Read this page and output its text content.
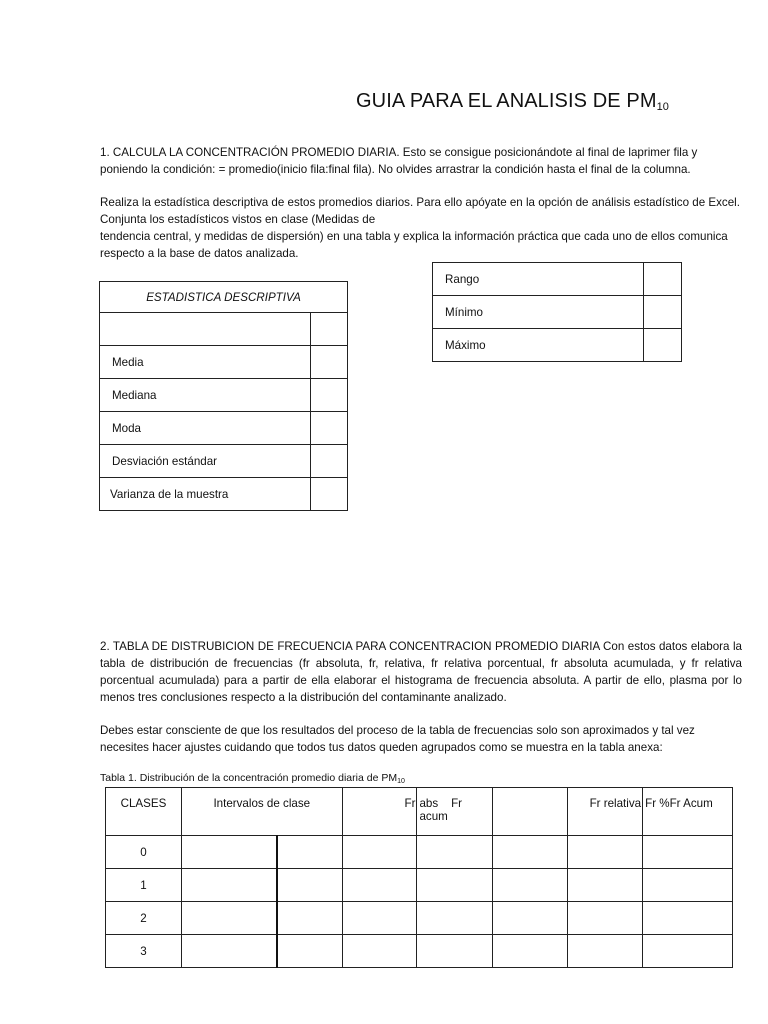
GUIA PARA EL ANALISIS DE $PM_{10}$

1. CALCULA LA CONCENTRACIÓN PROMEDIO DIARIA. Esto se consigue posicionándote al final de laprimer fila y poniendo la condición: = promedio(inicio fila:final fila). No olvides arrastrar la condición hasta el final de la columna.

Realiza la estadística descriptiva de estos promedios diarios. Para ello apóyate en la opción de análisis estadístico de Excel. Conjunta los estadísticos vistos en clase (Medidas de

tendencia central, y medidas de dispersión) en una tabla y explica la información práctica que cada uno de ellos comunica respecto a la base de datos analizada.

ESTADISTICA DESCRIPTIVA	

Media	
Mediana	
Moda	
Desviación estándar	
Varianza de la muestra	
Rango	
Mínimo	
Máximo	

2. TABLA DE DISTRUBICION DE FRECUENCIA PARA CONCENTRACION PROMEDIO DIARIA Con estos datos elabora la tabla de distribución de frecuencias (fr absoluta, fr, relativa, fr relativa porcentual, fr absoluta acumulada, y fr relativa porcentual acumulada) para a partir de ella elaborar el histograma de frecuencia absoluta. A partir de ello, plasma por lo menos tres conclusiones respecto a la distribución del contaminante analizado.

Debes estar consciente de que los resultados del proceso de la tabla de frecuencias solo son aproximados y tal vez necesites hacer ajustes cuidando que todos tus datos queden agrupados como se muestra en la tabla anexa:

Tabla 1. Distribución de la concentración promedio diaria de $PM_{10}$
CLASES	Intervalos de clase		Fr	abs Fr acum		Fr relativa	Fr %Fr Acum
0							
1							
2							
3							
